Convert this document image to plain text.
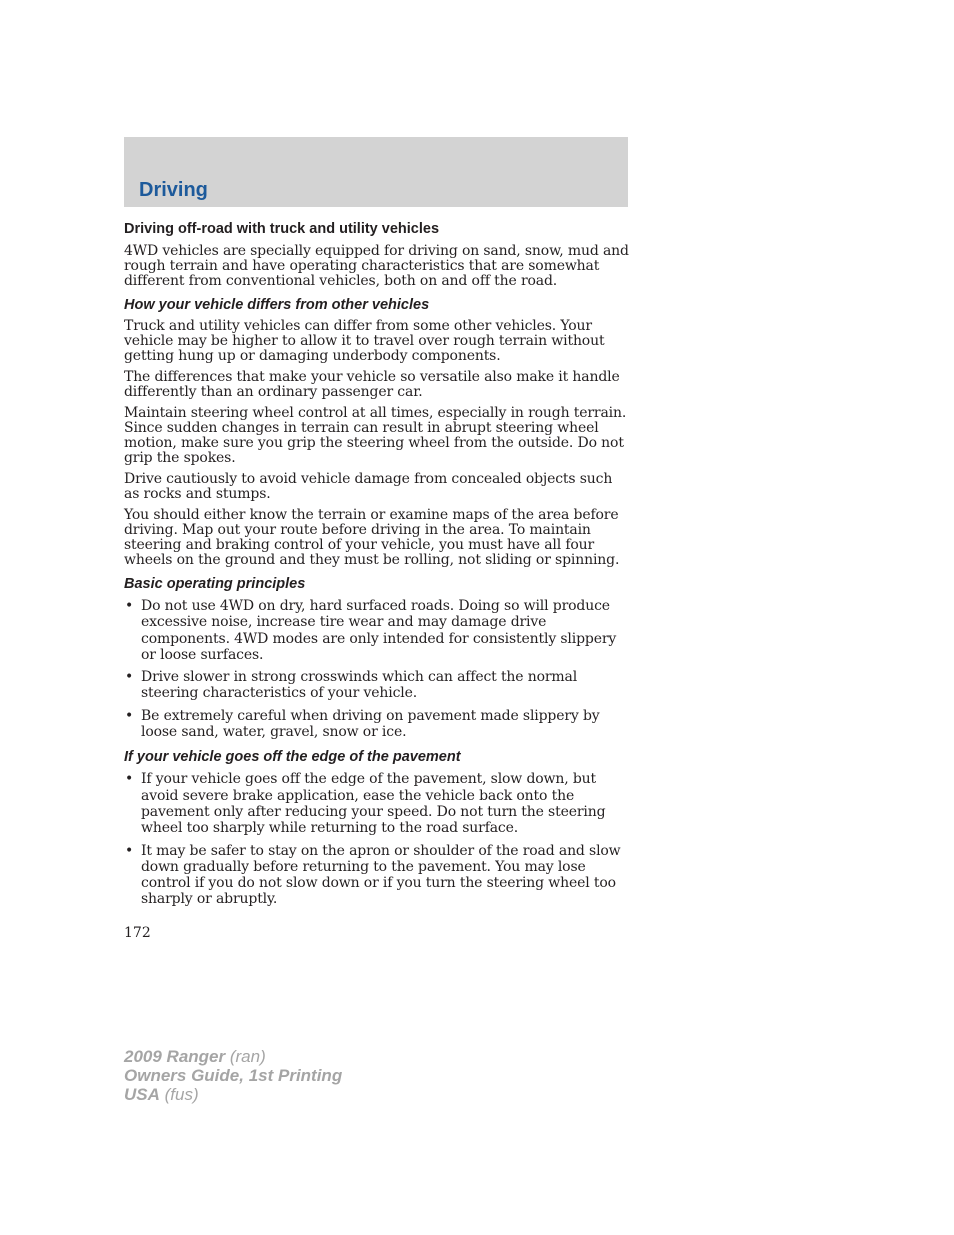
Driving
Driving off-road with truck and utility vehicles

4WD vehicles are specially equipped for driving on sand, snow, mud and rough terrain and have operating characteristics that are somewhat different from conventional vehicles, both on and off the road.

How your vehicle differs from other vehicles

Truck and utility vehicles can differ from some other vehicles. Your vehicle may be higher to allow it to travel over rough terrain without getting hung up or damaging underbody components.

The differences that make your vehicle so versatile also make it handle differently than an ordinary passenger car.

Maintain steering wheel control at all times, especially in rough terrain. Since sudden changes in terrain can result in abrupt steering wheel motion, make sure you grip the steering wheel from the outside. Do not grip the spokes.

Drive cautiously to avoid vehicle damage from concealed objects such as rocks and stumps.

You should either know the terrain or examine maps of the area before driving. Map out your route before driving in the area. To maintain steering and braking control of your vehicle, you must have all four wheels on the ground and they must be rolling, not sliding or spinning.

Basic operating principles
• Do not use 4WD on dry, hard surfaced roads. Doing so will produce excessive noise, increase tire wear and may damage drive components. 4WD modes are only intended for consistently slippery or loose surfaces.
• Drive slower in strong crosswinds which can affect the normal steering characteristics of your vehicle.
• Be extremely careful when driving on pavement made slippery by loose sand, water, gravel, snow or ice.
If your vehicle goes off the edge of the pavement
• If your vehicle goes off the edge of the pavement, slow down, but avoid severe brake application, ease the vehicle back onto the pavement only after reducing your speed. Do not turn the steering wheel too sharply while returning to the road surface.
• It may be safer to stay on the apron or shoulder of the road and slow down gradually before returning to the pavement. You may lose control if you do not slow down or if you turn the steering wheel too sharply or abruptly.
172
2009 Ranger (ran)
Owners Guide, 1st Printing
USA (fus)
